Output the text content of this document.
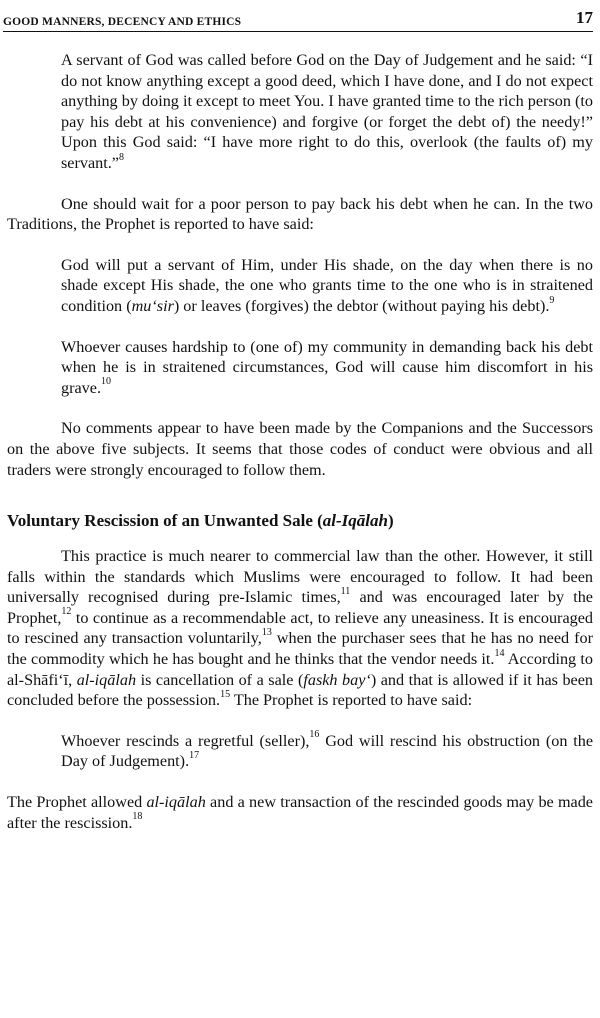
GOOD MANNERS, DECENCY AND ETHICS	17

A servant of God was called before God on the Day of Judgement and he said: “I do not know anything except a good deed, which I have done, and I do not expect anything by doing it except to meet You. I have granted time to the rich person (to pay his debt at his convenience) and forgive (or forget the debt of) the needy!” Upon this God said: “I have more right to do this, overlook (the faults of) my servant.”$^8$

One should wait for a poor person to pay back his debt when he can. In the two Traditions, the Prophet is reported to have said:

God will put a servant of Him, under His shade, on the day when there is no shade except His shade, the one who grants time to the one who is in straitened condition (mu‘sir) or leaves (forgives) the debtor (without paying his debt).$^9$

Whoever causes hardship to (one of) my community in demanding back his debt when he is in straitened circumstances, God will cause him discomfort in his grave.$^{10}$

No comments appear to have been made by the Companions and the Successors on the above five subjects. It seems that those codes of conduct were obvious and all traders were strongly encouraged to follow them.

Voluntary Rescission of an Unwanted Sale (al-Iqālah)

This practice is much nearer to commercial law than the other. However, it still falls within the standards which Muslims were encouraged to follow. It had been universally recognised during pre-Islamic times,$^{11}$ and was encouraged later by the Prophet,$^{12}$ to continue as a recommendable act, to relieve any uneasiness. It is encouraged to rescined any transaction voluntarily,$^{13}$ when the purchaser sees that he has no need for the commodity which he has bought and he thinks that the vendor needs it.$^{14}$ According to al-Shāfi‘ī, al-iqālah is cancellation of a sale (faskh bay‘) and that is allowed if it has been concluded before the possession.$^{15}$ The Prophet is reported to have said:

Whoever rescinds a regretful (seller),$^{16}$ God will rescind his obstruction (on the Day of Judgement).$^{17}$

The Prophet allowed al-iqālah and a new transaction of the rescinded goods may be made after the rescission.$^{18}$
